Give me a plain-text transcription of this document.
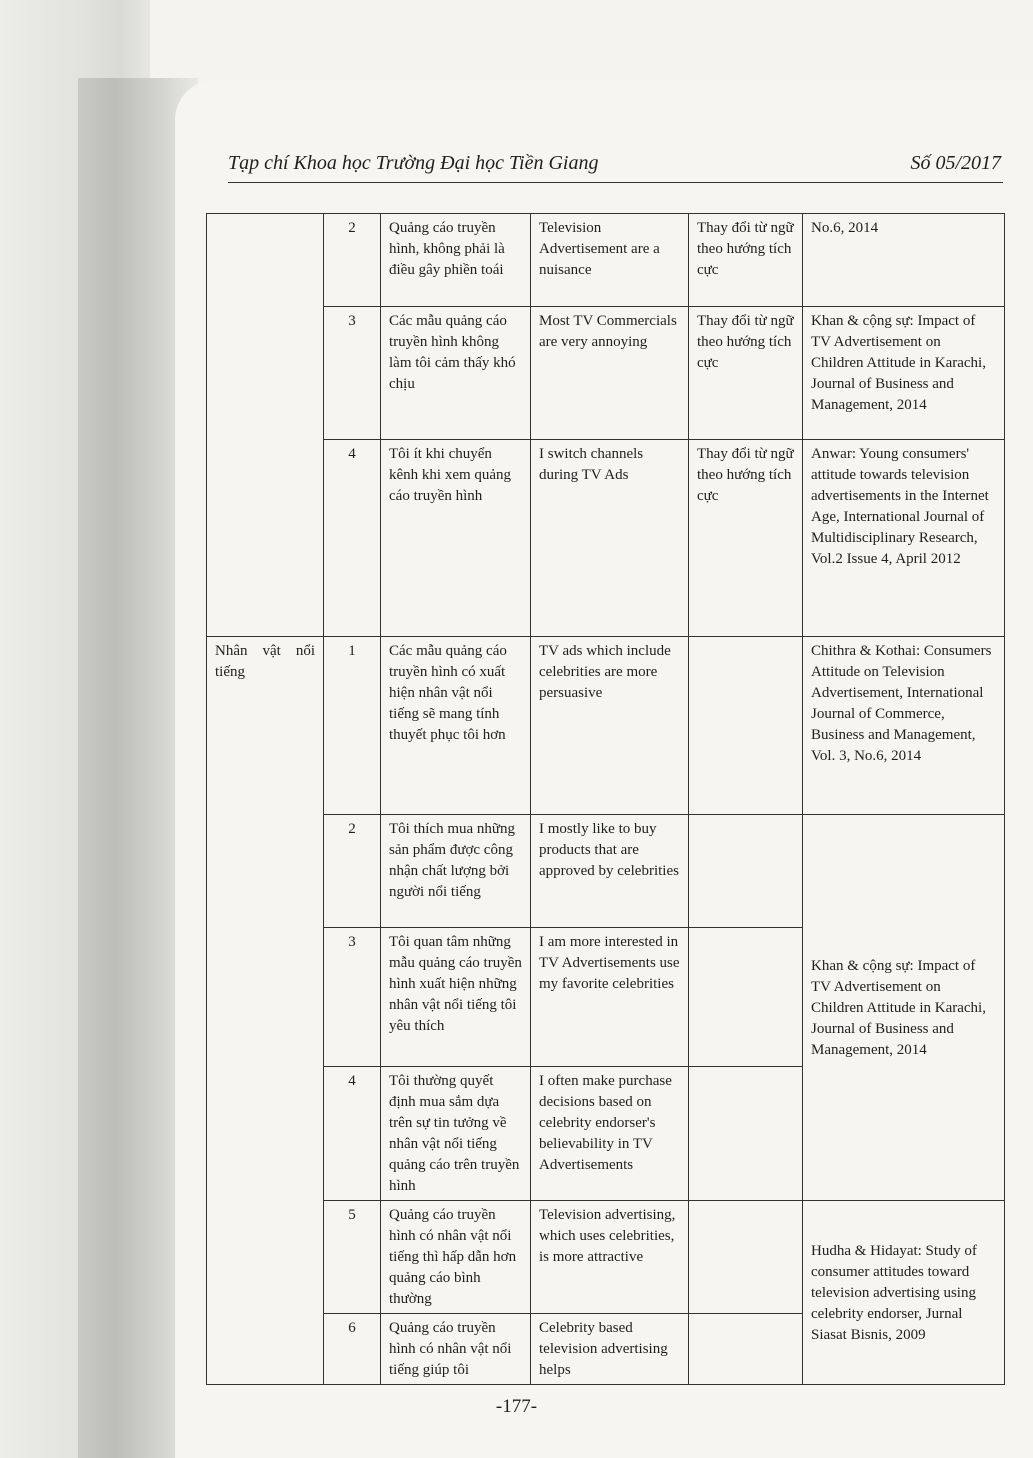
Tạp chí Khoa học Trường Đại học Tiền Giang	Số 05/2017
	2	Quảng cáo truyền hình, không phải là điều gây phiền toái	Television Advertisement are a nuisance	Thay đổi từ ngữ theo hướng tích cực	No.6, 2014
	3	Các mẫu quảng cáo truyền hình không làm tôi cảm thấy khó chịu	Most TV Commercials are very annoying	Thay đổi từ ngữ theo hướng tích cực	Khan & cộng sự: Impact of TV Advertisement on Children Attitude in Karachi, Journal of Business and Management, 2014
	4	Tôi ít khi chuyển kênh khi xem quảng cáo truyền hình	I switch channels during TV Ads	Thay đổi từ ngữ theo hướng tích cực	Anwar: Young consumers' attitude towards television advertisements in the Internet Age, International Journal of Multidisciplinary Research, Vol.2 Issue 4, April 2012
Nhân vật nổi tiếng	1	Các mẫu quảng cáo truyền hình có xuất hiện nhân vật nổi tiếng sẽ mang tính thuyết phục tôi hơn	TV ads which include celebrities are more persuasive		Chithra & Kothai: Consumers Attitude on Television Advertisement, International Journal of Commerce, Business and Management, Vol. 3, No.6, 2014
	2	Tôi thích mua những sản phẩm được công nhận chất lượng bởi người nổi tiếng	I mostly like to buy products that are approved by celebrities		Khan & cộng sự: Impact of TV Advertisement on Children Attitude in Karachi, Journal of Business and Management, 2014
	3	Tôi quan tâm những mẫu quảng cáo truyền hình xuất hiện những nhân vật nổi tiếng tôi yêu thích	I am more interested in TV Advertisements use my favorite celebrities		
	4	Tôi thường quyết định mua sắm dựa trên sự tin tưởng về nhân vật nổi tiếng quảng cáo trên truyền hình	I often make purchase decisions based on celebrity endorser's believability in TV Advertisements		
	5	Quảng cáo truyền hình có nhân vật nổi tiếng thì hấp dẫn hơn quảng cáo bình thường	Television advertising, which uses celebrities, is more attractive		Hudha & Hidayat: Study of consumer attitudes toward television advertising using celebrity endorser, Jurnal Siasat Bisnis, 2009
	6	Quảng cáo truyền hình có nhân vật nổi tiếng giúp tôi	Celebrity based television advertising helps		
-177-
